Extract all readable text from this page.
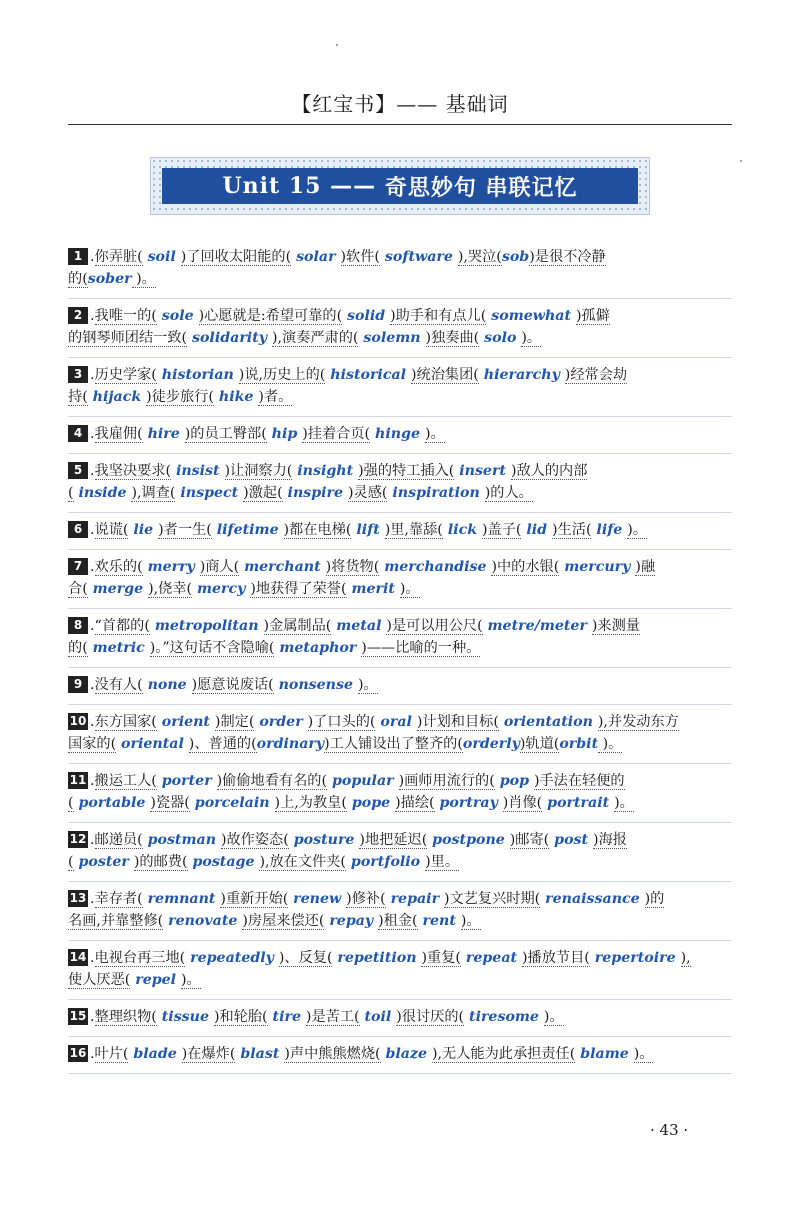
【红宝书】—— 基础词
Unit 15 —— 奇思妙句 串联记忆
1 .你弄脏( soil )了回收太阳能的( solar )软件( software ),哭泣(sob)是很不冷静
的(sober )。
2 .我唯一的( sole )心愿就是:希望可靠的( solid )助手和有点儿( somewhat )孤僻
的钢琴师团结一致( solidarity ),演奏严肃的( solemn )独奏曲( solo )。
3 .历史学家( historian )说,历史上的( historical )统治集团( hierarchy )经常会劫
持( hijack )徒步旅行( hike )者。
4 .我雇佣( hire )的员工臀部( hip )挂着合页( hinge )。
5 .我坚决要求( insist )让洞察力( insight )强的特工插入( insert )敌人的内部
( inside ),调查( inspect )激起( inspire )灵感( inspiration )的人。
6 .说谎( lie )者一生( lifetime )都在电梯( lift )里,靠舔( lick )盖子( lid )生活( life )。
7 .欢乐的( merry )商人( merchant )将货物( merchandise )中的水银( mercury )融
合( merge ),侥幸( mercy )地获得了荣誉( merit )。
8 .“首都的( metropolitan )金属制品( metal )是可以用公尺( metre/meter )来测量
的( metric )。”这句话不含隐喻( metaphor )——比喻的一种。
9 .没有人( none )愿意说废话( nonsense )。
10 .东方国家( orient )制定( order )了口头的( oral )计划和目标( orientation ),并发动东方
国家的( oriental )、普通的(ordinary)工人铺设出了整齐的(orderly)轨道(orbit )。
11 .搬运工人( porter )偷偷地看有名的( popular )画师用流行的( pop )手法在轻便的
( portable )瓷器( porcelain )上,为教皇( pope )描绘( portray )肖像( portrait )。
12 .邮递员( postman )故作姿态( posture )地把延迟( postpone )邮寄( post )海报
( poster )的邮费( postage ),放在文件夹( portfolio )里。
13 .幸存者( remnant )重新开始( renew )修补( repair )文艺复兴时期( renaissance )的
名画,并靠整修( renovate )房屋来偿还( repay )租金( rent )。
14 .电视台再三地( repeatedly )、反复( repetition )重复( repeat )播放节目( repertoire ),
使人厌恶( repel )。
15 .整理织物( tissue )和轮胎( tire )是苦工( toil )很讨厌的( tiresome )。
16 .叶片( blade )在爆炸( blast )声中熊熊燃烧( blaze ),无人能为此承担责任( blame )。
· 43 ·
